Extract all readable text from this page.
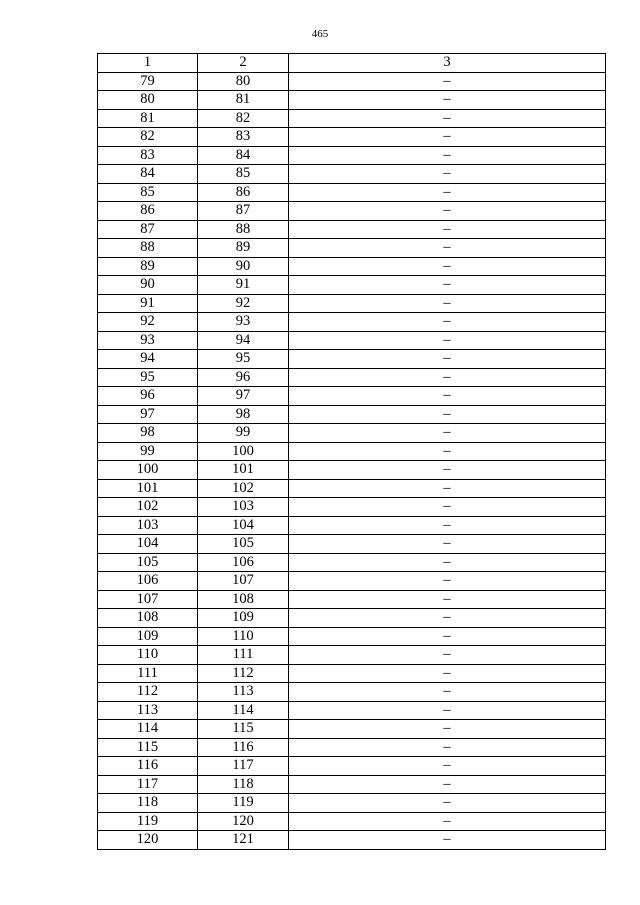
465
1	2	3
79	80	–
80	81	–
81	82	–
82	83	–
83	84	–
84	85	–
85	86	–
86	87	–
87	88	–
88	89	–
89	90	–
90	91	–
91	92	–
92	93	–
93	94	–
94	95	–
95	96	–
96	97	–
97	98	–
98	99	–
99	100	–
100	101	–
101	102	–
102	103	–
103	104	–
104	105	–
105	106	–
106	107	–
107	108	–
108	109	–
109	110	–
110	111	–
111	112	–
112	113	–
113	114	–
114	115	–
115	116	–
116	117	–
117	118	–
118	119	–
119	120	–
120	121	–
